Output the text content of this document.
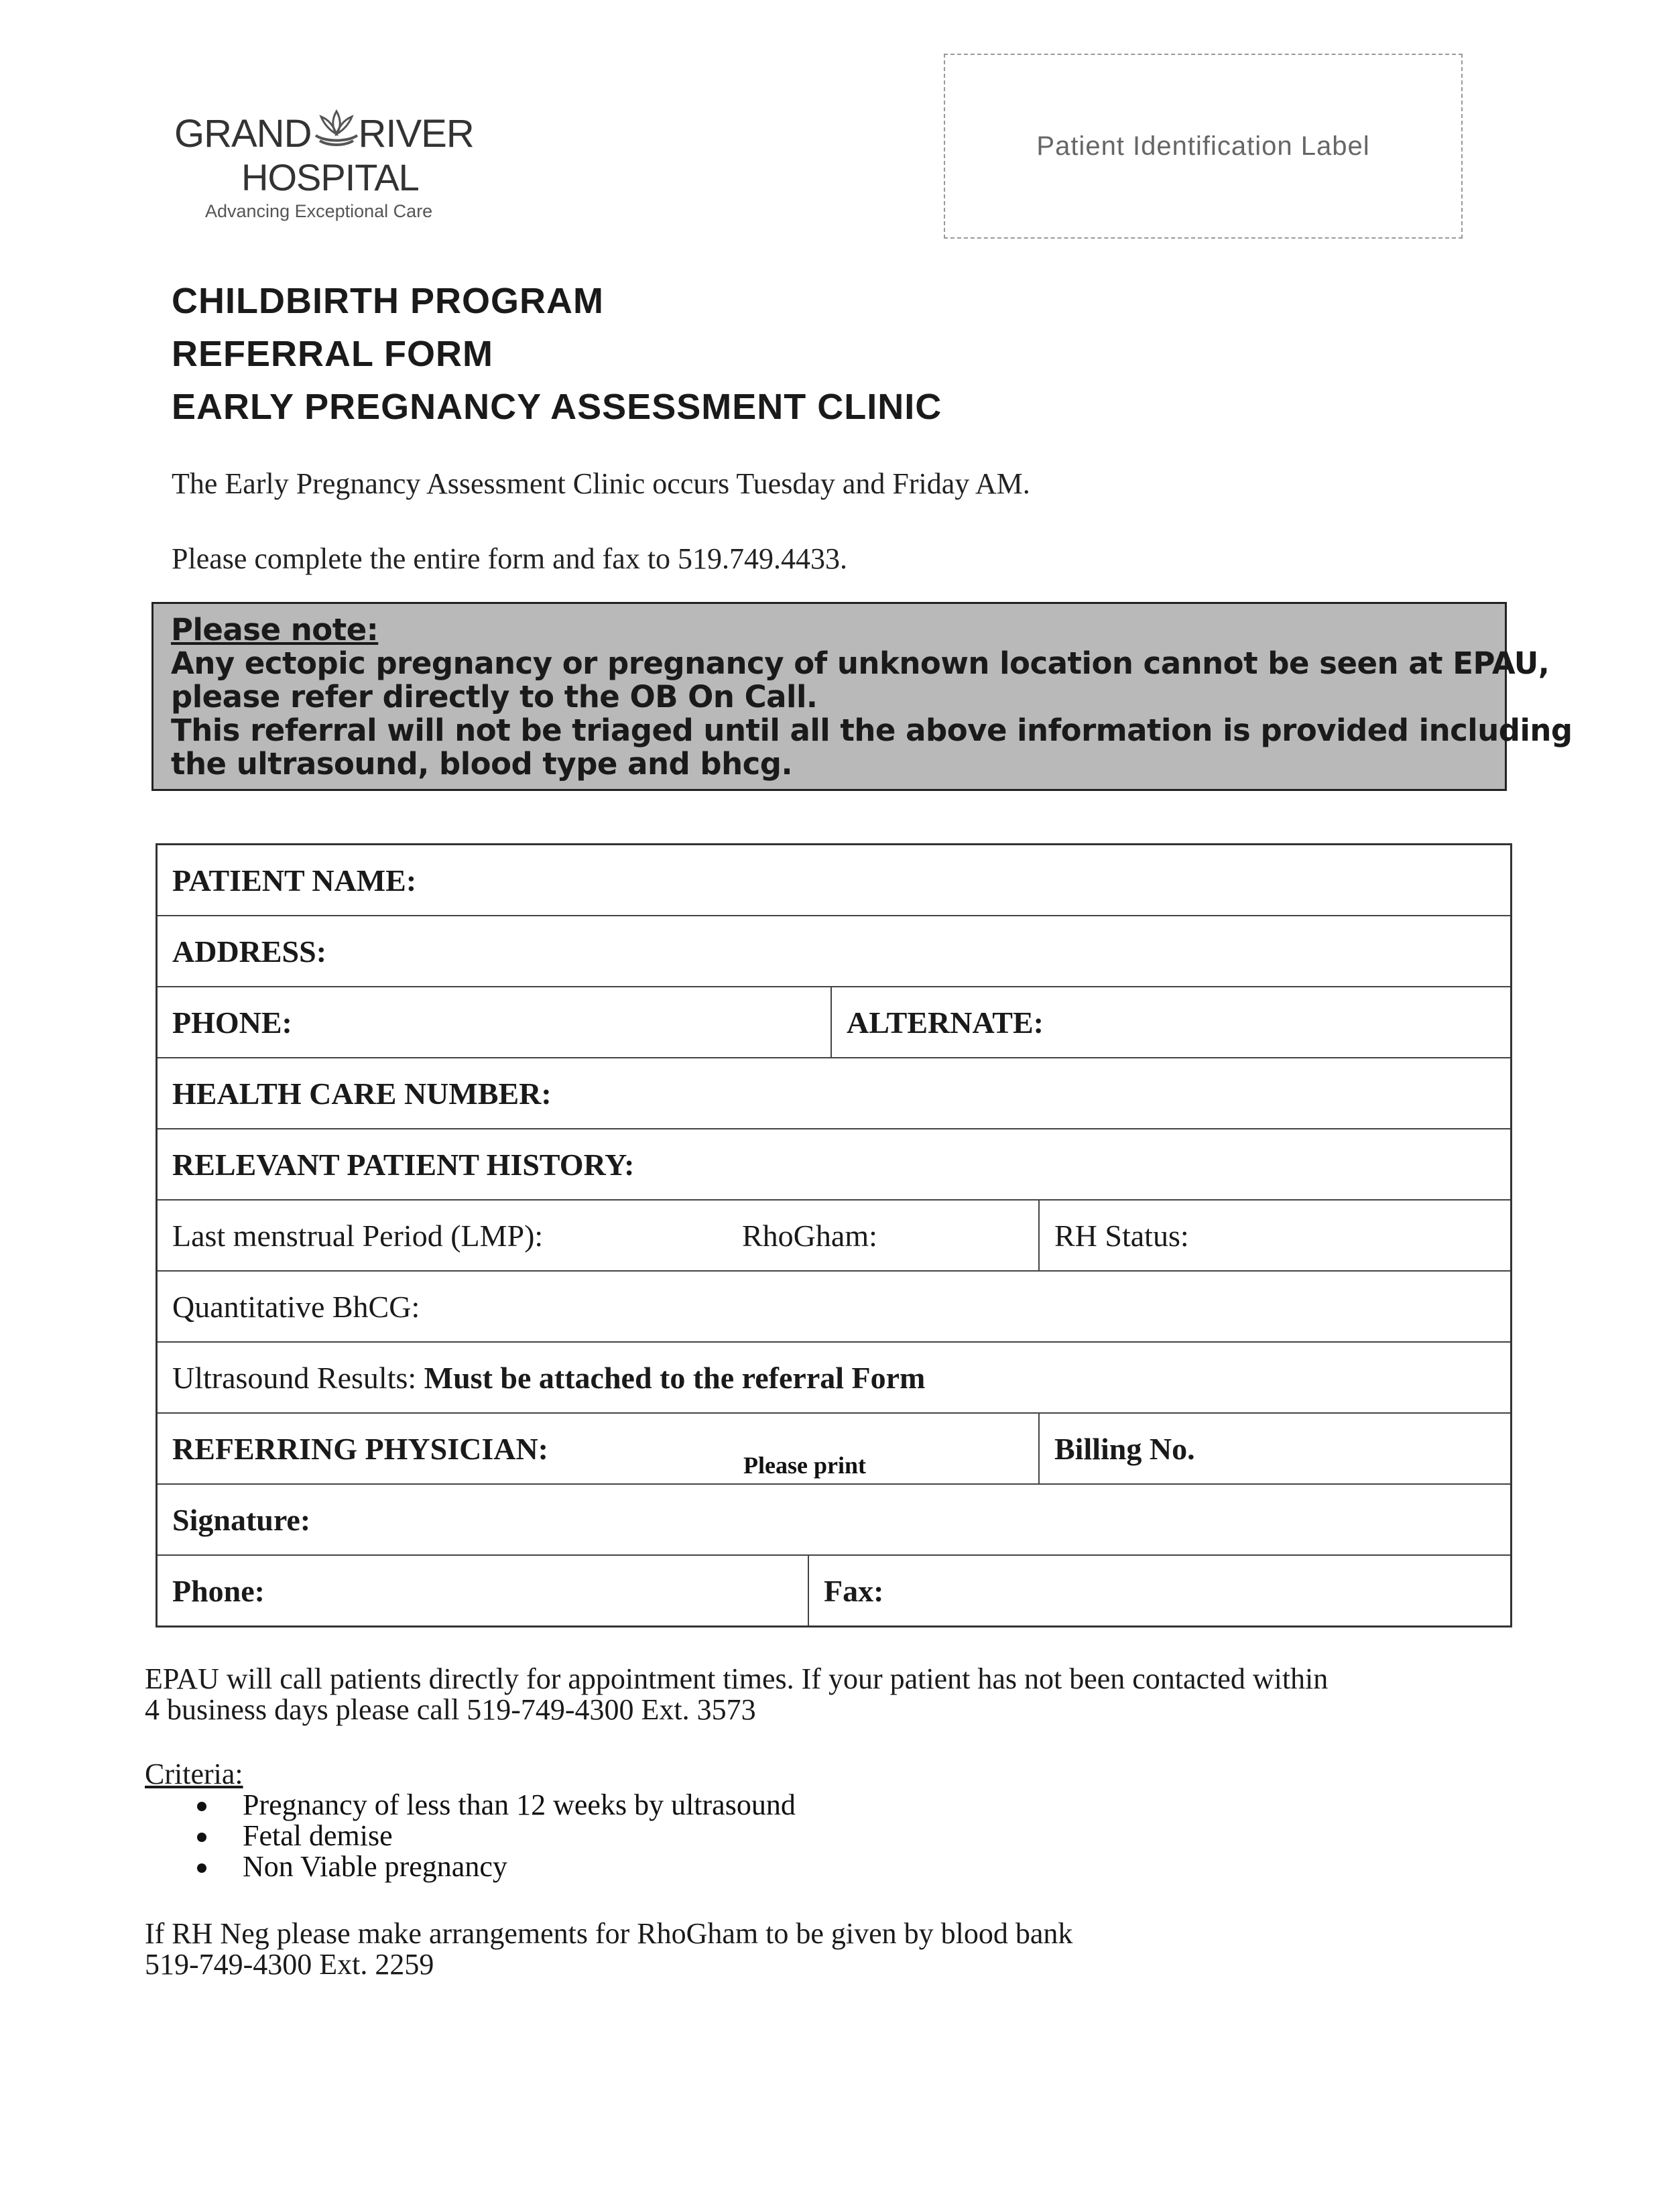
GRAND RIVER
HOSPITAL
Advancing Exceptional Care
Patient Identification Label
CHILDBIRTH PROGRAM
REFERRAL FORM
EARLY PREGNANCY ASSESSMENT CLINIC
The Early Pregnancy Assessment Clinic occurs Tuesday and Friday AM.
Please complete the entire form and fax to 519.749.4433.
Please note:
Any ectopic pregnancy or pregnancy of unknown location cannot be seen at EPAU,
please refer directly to the OB On Call.
This referral will not be triaged until all the above information is provided including
the ultrasound, blood type and bhcg.
PATIENT NAME:
ADDRESS:
PHONE:	ALTERNATE:
HEALTH CARE NUMBER:
RELEVANT PATIENT HISTORY:
Last menstrual Period (LMP):	RhoGham:	RH Status:
Quantitative BhCG:
Ultrasound Results:
Must be attached to the referral Form
REFERRING PHYSICIAN:	Please print	Billing No.
Signature:
Phone:	Fax:
EPAU will call patients directly for appointment times. If your patient has not been contacted within
4 business days please call 519-749-4300 Ext. 3573
Criteria:
Pregnancy of less than 12 weeks by ultrasound
Fetal demise
Non Viable pregnancy
If RH Neg please make arrangements for RhoGham to be given by blood bank
519-749-4300 Ext. 2259
